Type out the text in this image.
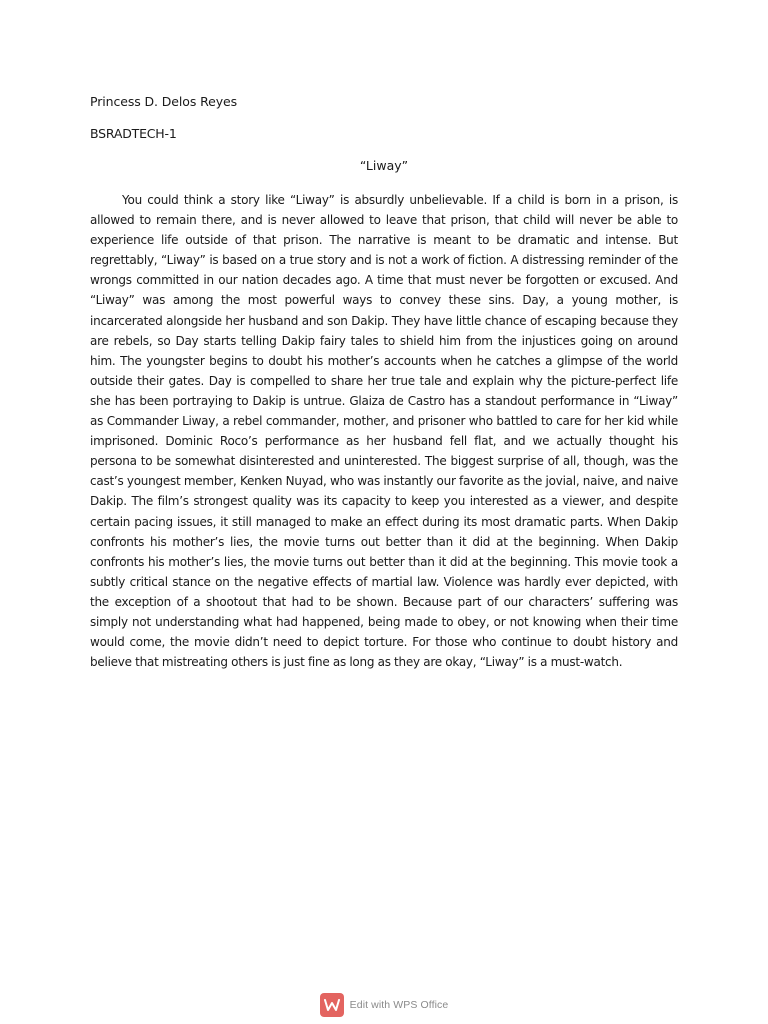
Princess D. Delos Reyes
BSRADTECH-1
“Liway”

You could think a story like “Liway” is absurdly unbelievable. If a child is born in a prison, is allowed to remain there, and is never allowed to leave that prison, that child will never be able to experience life outside of that prison. The narrative is meant to be dramatic and intense. But regrettably, “Liway” is based on a true story and is not a work of fiction. A distressing reminder of the wrongs committed in our nation decades ago. A time that must never be forgotten or excused. And “Liway” was among the most powerful ways to convey these sins. Day, a young mother, is incarcerated alongside her husband and son Dakip. They have little chance of escaping because they are rebels, so Day starts telling Dakip fairy tales to shield him from the injustices going on around him. The youngster begins to doubt his mother’s accounts when he catches a glimpse of the world outside their gates. Day is compelled to share her true tale and explain why the picture-perfect life she has been portraying to Dakip is untrue. Glaiza de Castro has a standout performance in “Liway” as Commander Liway, a rebel commander, mother, and prisoner who battled to care for her kid while imprisoned. Dominic Roco’s performance as her husband fell flat, and we actually thought his persona to be somewhat disinterested and uninterested. The biggest surprise of all, though, was the cast’s youngest member, Kenken Nuyad, who was instantly our favorite as the jovial, naive, and naive Dakip. The film’s strongest quality was its capacity to keep you interested as a viewer, and despite certain pacing issues, it still managed to make an effect during its most dramatic parts. When Dakip confronts his mother’s lies, the movie turns out better than it did at the beginning. When Dakip confronts his mother’s lies, the movie turns out better than it did at the beginning. This movie took a subtly critical stance on the negative effects of martial law. Violence was hardly ever depicted, with the exception of a shootout that had to be shown. Because part of our characters’ suffering was simply not understanding what had happened, being made to obey, or not knowing when their time would come, the movie didn’t need to depict torture. For those who continue to doubt history and believe that mistreating others is just fine as long as they are okay, “Liway” is a must-watch.

Edit with WPS Office
